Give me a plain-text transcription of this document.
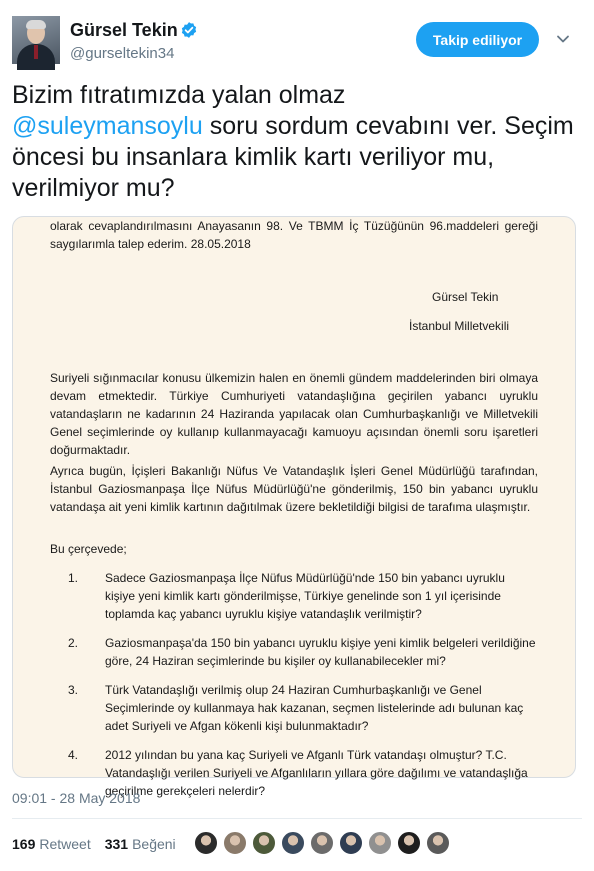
Gürsel Tekin
@gurseltekin34
Takip ediliyor
Bizim fıtratımızda yalan olmaz
@suleymansoylu soru sordum cevabını ver. Seçim öncesi bu insanlara kimlik kartı veriliyor mu, verilmiyor mu?

olarak cevaplandırılmasını Anayasanın 98. Ve TBMM İç Tüzüğünün 96.maddeleri gereği saygılarımla talep ederim. 28.05.2018

Gürsel Tekin
İstanbul Milletvekili

Suriyeli sığınmacılar konusu ülkemizin halen en önemli gündem maddelerinden biri olmaya devam etmektedir. Türkiye Cumhuriyeti vatandaşlığına geçirilen yabancı uyruklu vatandaşların ne kadarının 24 Haziranda yapılacak olan Cumhurbaşkanlığı ve Milletvekili Genel seçimlerinde oy kullanıp kullanmayacağı kamuoyu açısından önemli soru işaretleri doğurmaktadır.

Ayrıca bugün, İçişleri Bakanlığı Nüfus Ve Vatandaşlık İşleri Genel Müdürlüğü tarafından, İstanbul Gaziosmanpaşa İlçe Nüfus Müdürlüğü'ne gönderilmiş, 150 bin yabancı uyruklu vatandaşa ait yeni kimlik kartının dağıtılmak üzere bekletildiği bilgisi de tarafıma ulaşmıştır.

Bu çerçevede;
1. Sadece Gaziosmanpaşa İlçe Nüfus Müdürlüğü'nde 150 bin yabancı uyruklu kişiye yeni kimlik kartı gönderilmişse, Türkiye genelinde son 1 yıl içerisinde toplamda kaç yabancı uyruklu kişiye vatandaşlık verilmiştir?
2. Gaziosmanpaşa'da 150 bin yabancı uyruklu kişiye yeni kimlik belgeleri verildiğine göre, 24 Haziran seçimlerinde bu kişiler oy kullanabilecekler mi?
3. Türk Vatandaşlığı verilmiş olup 24 Haziran Cumhurbaşkanlığı ve Genel Seçimlerinde oy kullanmaya hak kazanan, seçmen listelerinde adı bulunan kaç adet Suriyeli ve Afgan kökenli kişi bulunmaktadır?
4. 2012 yılından bu yana kaç Suriyeli ve Afganlı Türk vatandaşı olmuştur? T.C. Vatandaşlığı verilen Suriyeli ve Afganlıların yıllara göre dağılımı ve vatandaşlığa geçirilme gerekçeleri nelerdir?
09:01 - 28 May 2018
169 Retweet 331 Beğeni
